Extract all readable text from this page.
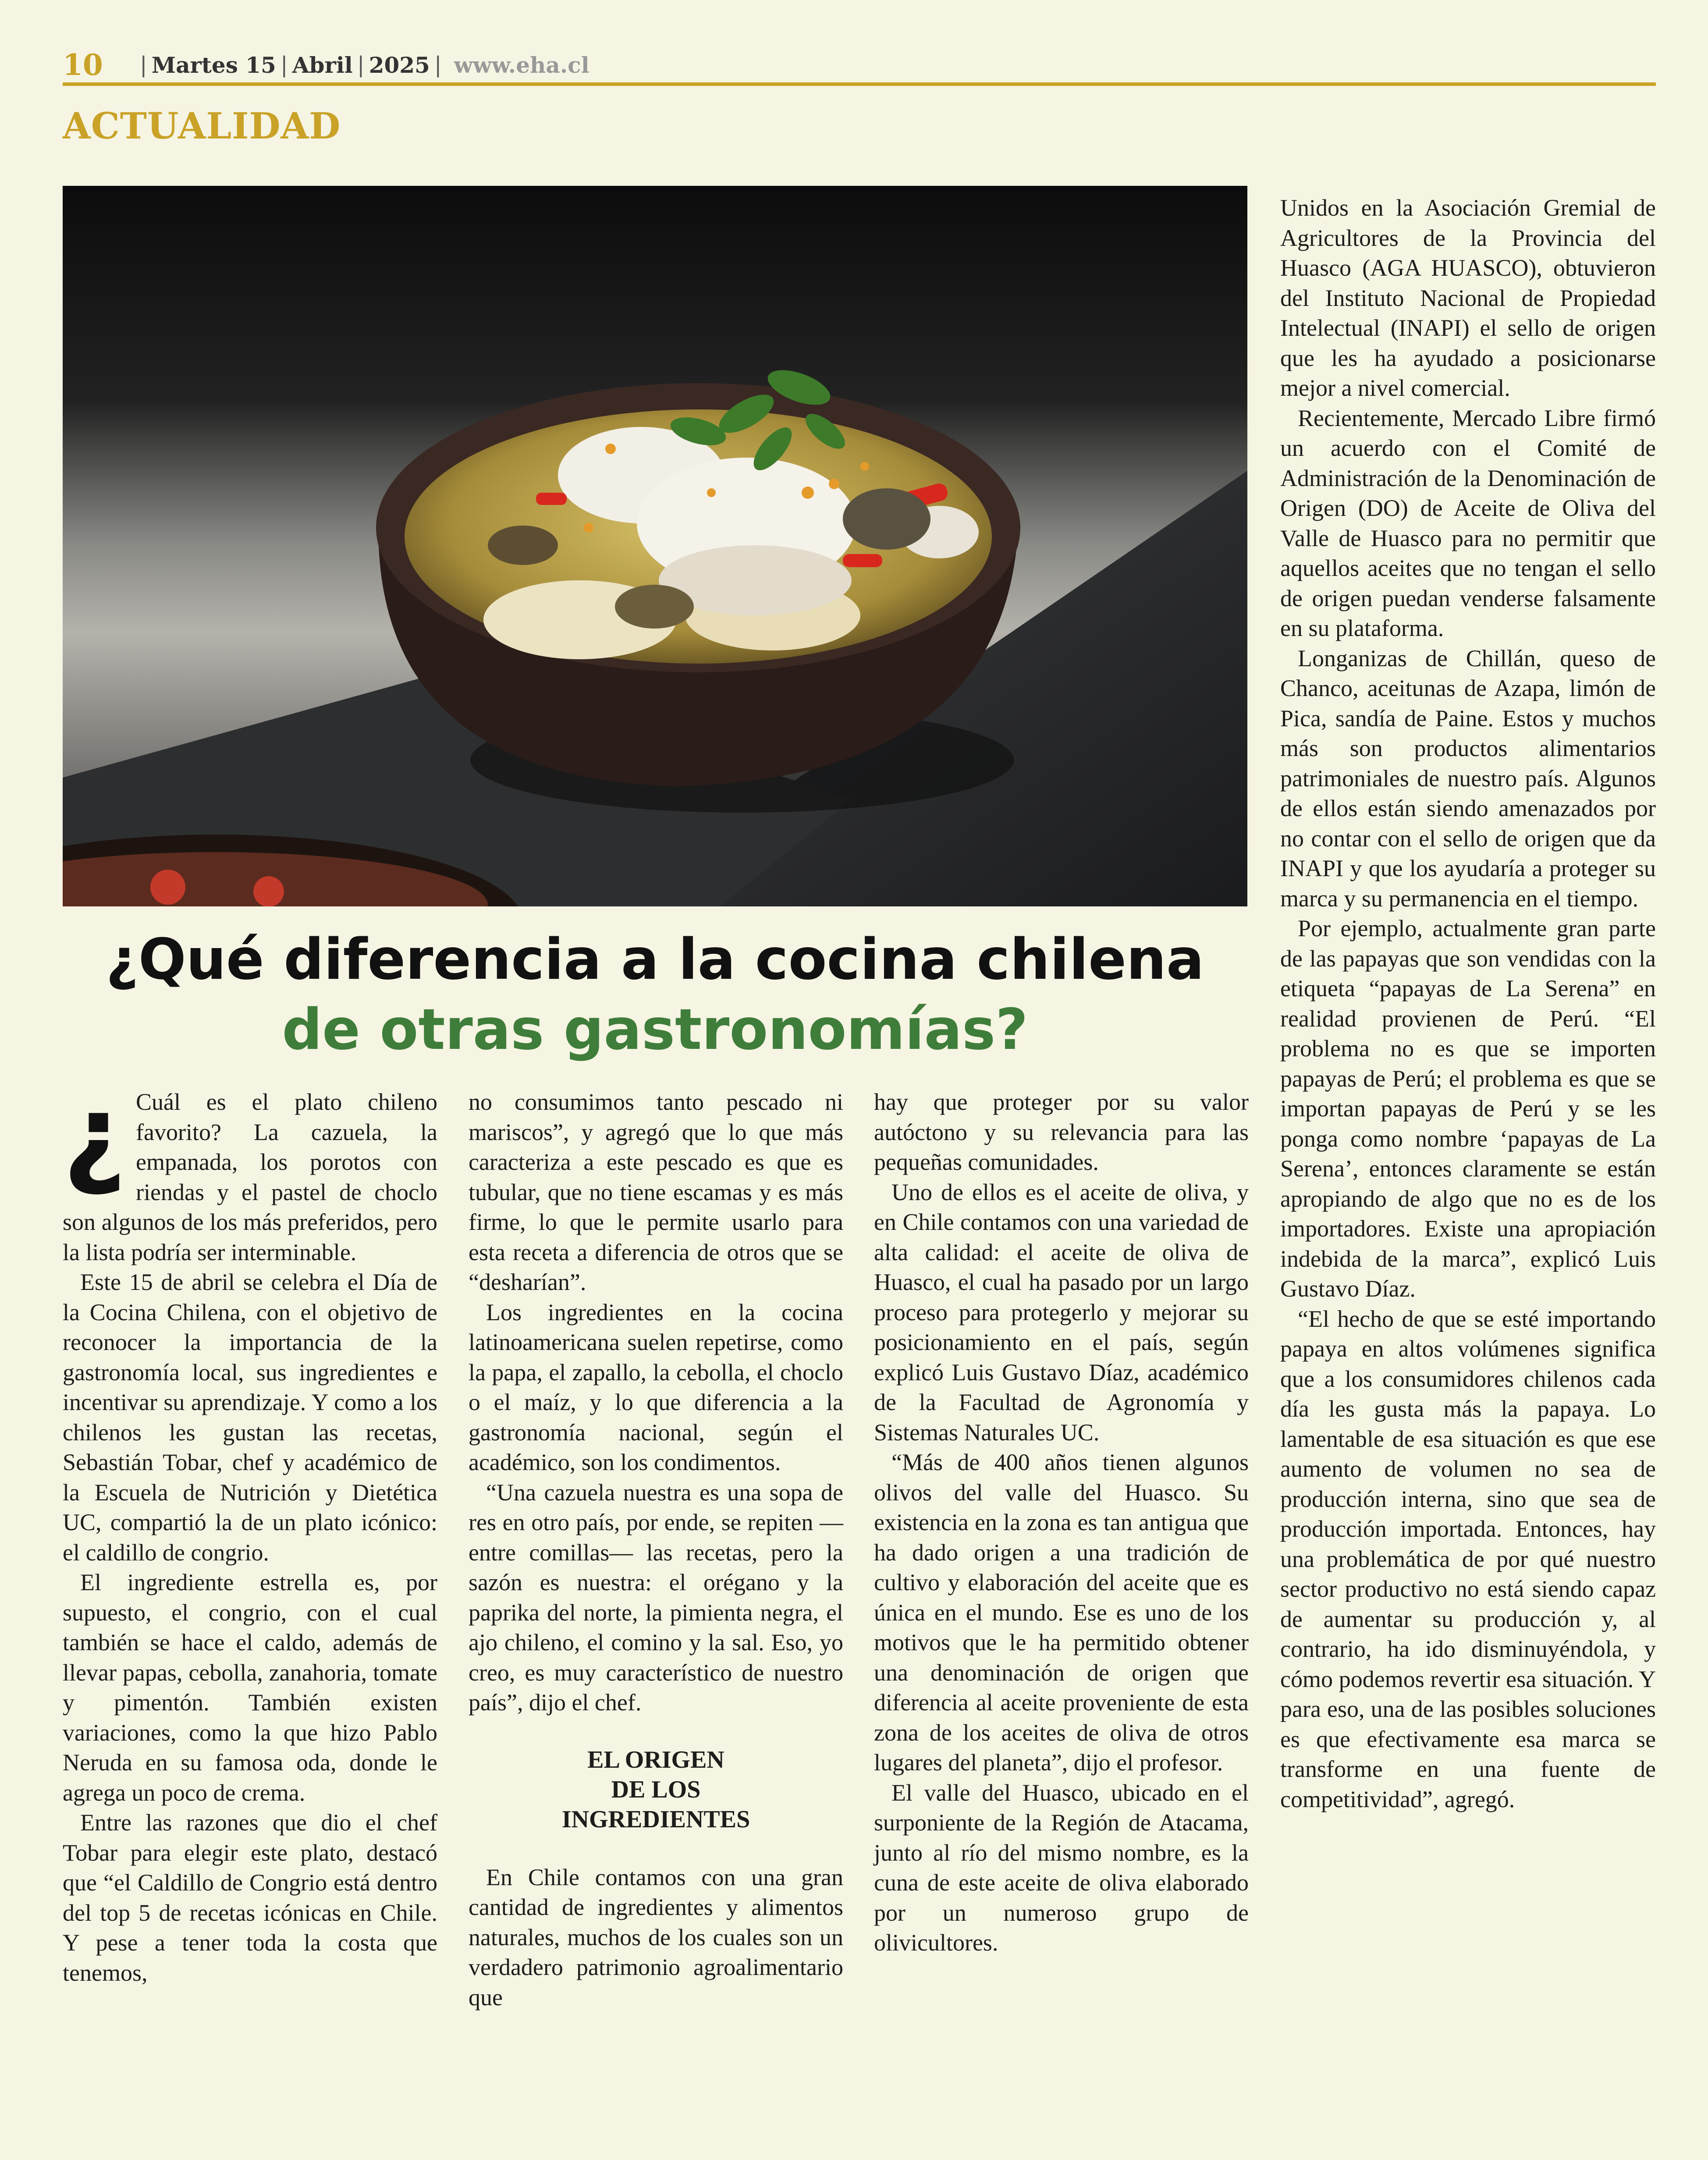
10 | Martes 15 | Abril | 2025 | www.eha.cl
ACTUALIDAD
¿Qué diferencia a la cocina chilena
de otras gastronomías?
¿ Cuál es el plato chileno favorito? La cazuela, la empanada, los porotos con riendas y el pastel de choclo son algunos de los más preferidos, pero la lista podría ser interminable.

Este 15 de abril se celebra el Día de la Cocina Chilena, con el objetivo de reconocer la importancia de la gastronomía local, sus ingredientes e incentivar su aprendizaje. Y como a los chilenos les gustan las recetas, Sebastián Tobar, chef y académico de la Escuela de Nutrición y Dietética UC, compartió la de un plato icónico: el caldillo de congrio.

El ingrediente estrella es, por supuesto, el congrio, con el cual también se hace el caldo, además de llevar papas, cebolla, zanahoria, tomate y pimentón. También existen variaciones, como la que hizo Pablo Neruda en su famosa oda, donde le agrega un poco de crema.

Entre las razones que dio el chef Tobar para elegir este plato, destacó que “el Caldillo de Congrio está dentro del top 5 de recetas icónicas en Chile. Y pese a tener toda la costa que tenemos,

no consumimos tanto pescado ni mariscos”, y agregó que lo que más caracteriza a este pescado es que es tubular, que no tiene escamas y es más firme, lo que le permite usarlo para esta receta a diferencia de otros que se “desharían”.

Los ingredientes en la cocina latinoamericana suelen repetirse, como la papa, el zapallo, la cebolla, el choclo o el maíz, y lo que diferencia a la gastronomía nacional, según el académico, son los condimentos.

“Una cazuela nuestra es una sopa de res en otro país, por ende, se repiten —entre comillas— las recetas, pero la sazón es nuestra: el orégano y la paprika del norte, la pimienta negra, el ajo chileno, el comino y la sal. Eso, yo creo, es muy característico de nuestro país”, dijo el chef.

EL ORIGEN
DE LOS
INGREDIENTES

En Chile contamos con una gran cantidad de ingredientes y alimentos naturales, muchos de los cuales son un verdadero patrimonio agroalimentario que

hay que proteger por su valor autóctono y su relevancia para las pequeñas comunidades.

Uno de ellos es el aceite de oliva, y en Chile contamos con una variedad de alta calidad: el aceite de oliva de Huasco, el cual ha pasado por un largo proceso para protegerlo y mejorar su posicionamiento en el país, según explicó Luis Gustavo Díaz, académico de la Facultad de Agronomía y Sistemas Naturales UC.

“Más de 400 años tienen algunos olivos del valle del Huasco. Su existencia en la zona es tan antigua que ha dado origen a una tradición de cultivo y elaboración del aceite que es única en el mundo. Ese es uno de los motivos que le ha permitido obtener una denominación de origen que diferencia al aceite proveniente de esta zona de los aceites de oliva de otros lugares del planeta”, dijo el profesor.

El valle del Huasco, ubicado en el surponiente de la Región de Atacama, junto al río del mismo nombre, es la cuna de este aceite de oliva elaborado por un numeroso grupo de olivicultores.

Unidos en la Asociación Gremial de Agricultores de la Provincia del Huasco (AGA HUASCO), obtuvieron del Instituto Nacional de Propiedad Intelectual (INAPI) el sello de origen que les ha ayudado a posicionarse mejor a nivel comercial.

Recientemente, Mercado Libre firmó un acuerdo con el Comité de Administración de la Denominación de Origen (DO) de Aceite de Oliva del Valle de Huasco para no permitir que aquellos aceites que no tengan el sello de origen puedan venderse falsamente en su plataforma.

Longanizas de Chillán, queso de Chanco, aceitunas de Azapa, limón de Pica, sandía de Paine. Estos y muchos más son productos alimentarios patrimoniales de nuestro país. Algunos de ellos están siendo amenazados por no contar con el sello de origen que da INAPI y que los ayudaría a proteger su marca y su permanencia en el tiempo.

Por ejemplo, actualmente gran parte de las papayas que son vendidas con la etiqueta “papayas de La Serena” en realidad provienen de Perú. “El problema no es que se importen papayas de Perú; el problema es que se importan papayas de Perú y se les ponga como nombre ‘papayas de La Serena’, entonces claramente se están apropiando de algo que no es de los importadores. Existe una apropiación indebida de la marca”, explicó Luis Gustavo Díaz.

“El hecho de que se esté importando papaya en altos volúmenes significa que a los consumidores chilenos cada día les gusta más la papaya. Lo lamentable de esa situación es que ese aumento de volumen no sea de producción interna, sino que sea de producción importada. Entonces, hay una problemática de por qué nuestro sector productivo no está siendo capaz de aumentar su producción y, al contrario, ha ido disminuyéndola, y cómo podemos revertir esa situación. Y para eso, una de las posibles soluciones es que efectivamente esa marca se transforme en una fuente de competitividad”, agregó.
